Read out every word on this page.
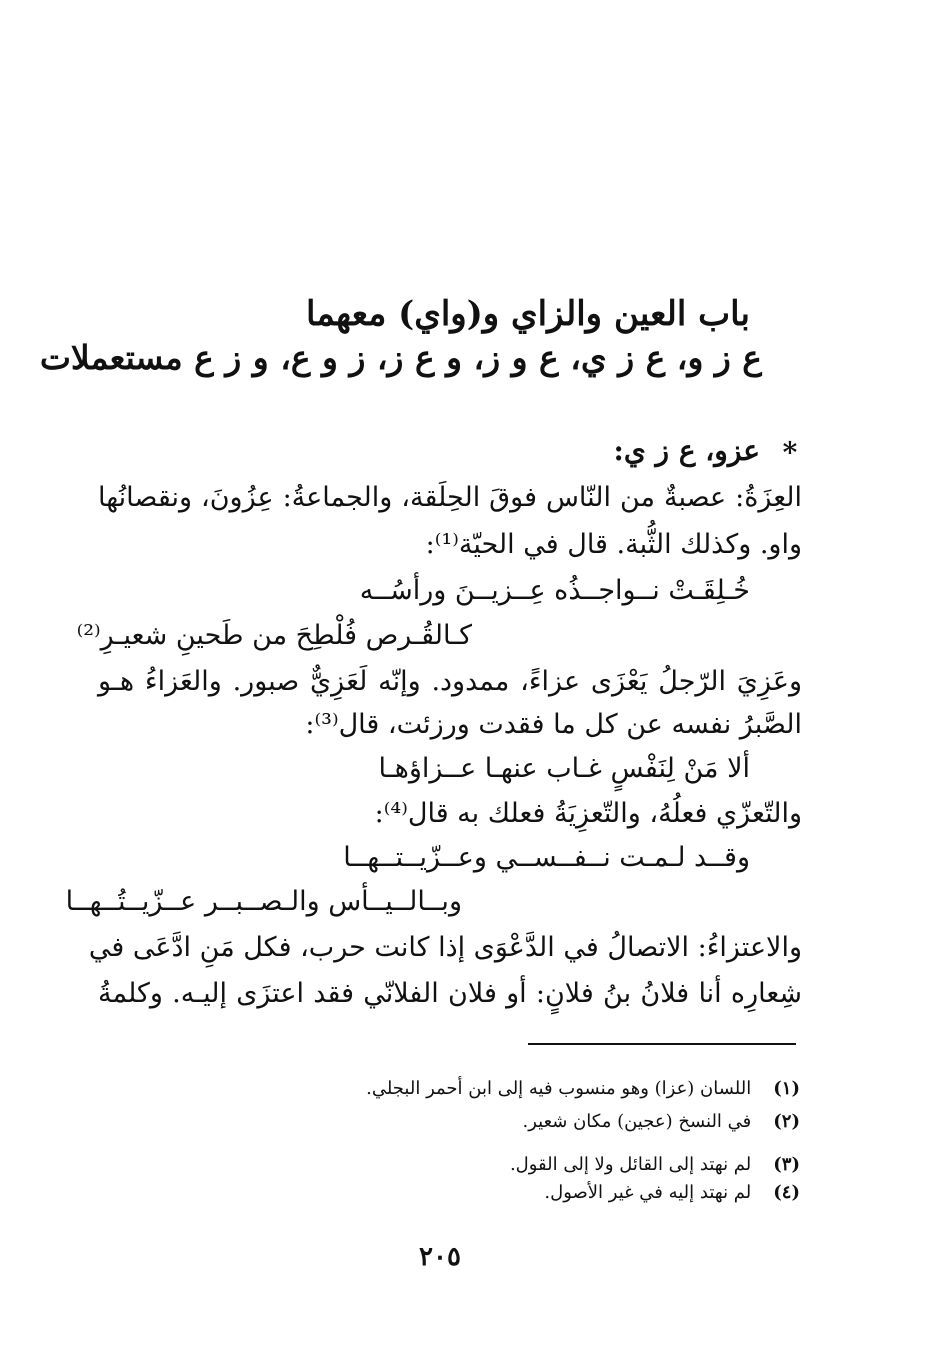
باب العين والزاي و(واي) معهما
ع ز و، ع ز ي، ع و ز، و ع ز، ز و ع، و ز ع مستعملات
*
عزو، ع ز ي:
العِزَةُ: عصبةٌ من النّاس فوقَ الحِلَقة، والجماعةُ: عِزُونَ، ونقصانُها
واو. وكذلك الثُّبة. قال في الحيّة⁽¹⁾:
خُـلِقَـتْ نــواجــذُه عِــزيــنَ ورأسُــه
كـالقُـرص فُلْطِحَ من طَحينِ شعيـرِ⁽²⁾
وعَزِيَ الرّجلُ يَعْزَى عزاءً، ممدود. وإنّه لَعَزِيٌّ صبور. والعَزاءُ هـو
الصَّبرُ نفسه عن كل ما فقدت ورزئت، قال⁽³⁾:
ألا مَنْ لِنَفْسٍ غـاب عنهـا عــزاؤهـا
والتّعزّي فعلُهُ، والتّعزِيَةُ فعلك به قال⁽⁴⁾:
وقــد لـمـت نــفــســي وعــزّيــتــهــا
وبــالــيــأس والـصــبــر عــزّيــتُــهــا
والاعتزاءُ: الاتصالُ في الدَّعْوَى إذا كانت حرب، فكل مَنِ ادَّعَى في
شِعارِه أنا فلانُ بنُ فلانٍ: أو فلان الفلانّي فقد اعتزَى إليـه. وكلمةُ
(١)اللسان (عزا) وهو منسوب فيه إلى ابن أحمر البجلي.
(٢)في النسخ (عجين) مكان شعير.
(٣)لم نهتد إلى القائل ولا إلى القول.
(٤)لم نهتد إليه في غير الأصول.
٢٠٥
